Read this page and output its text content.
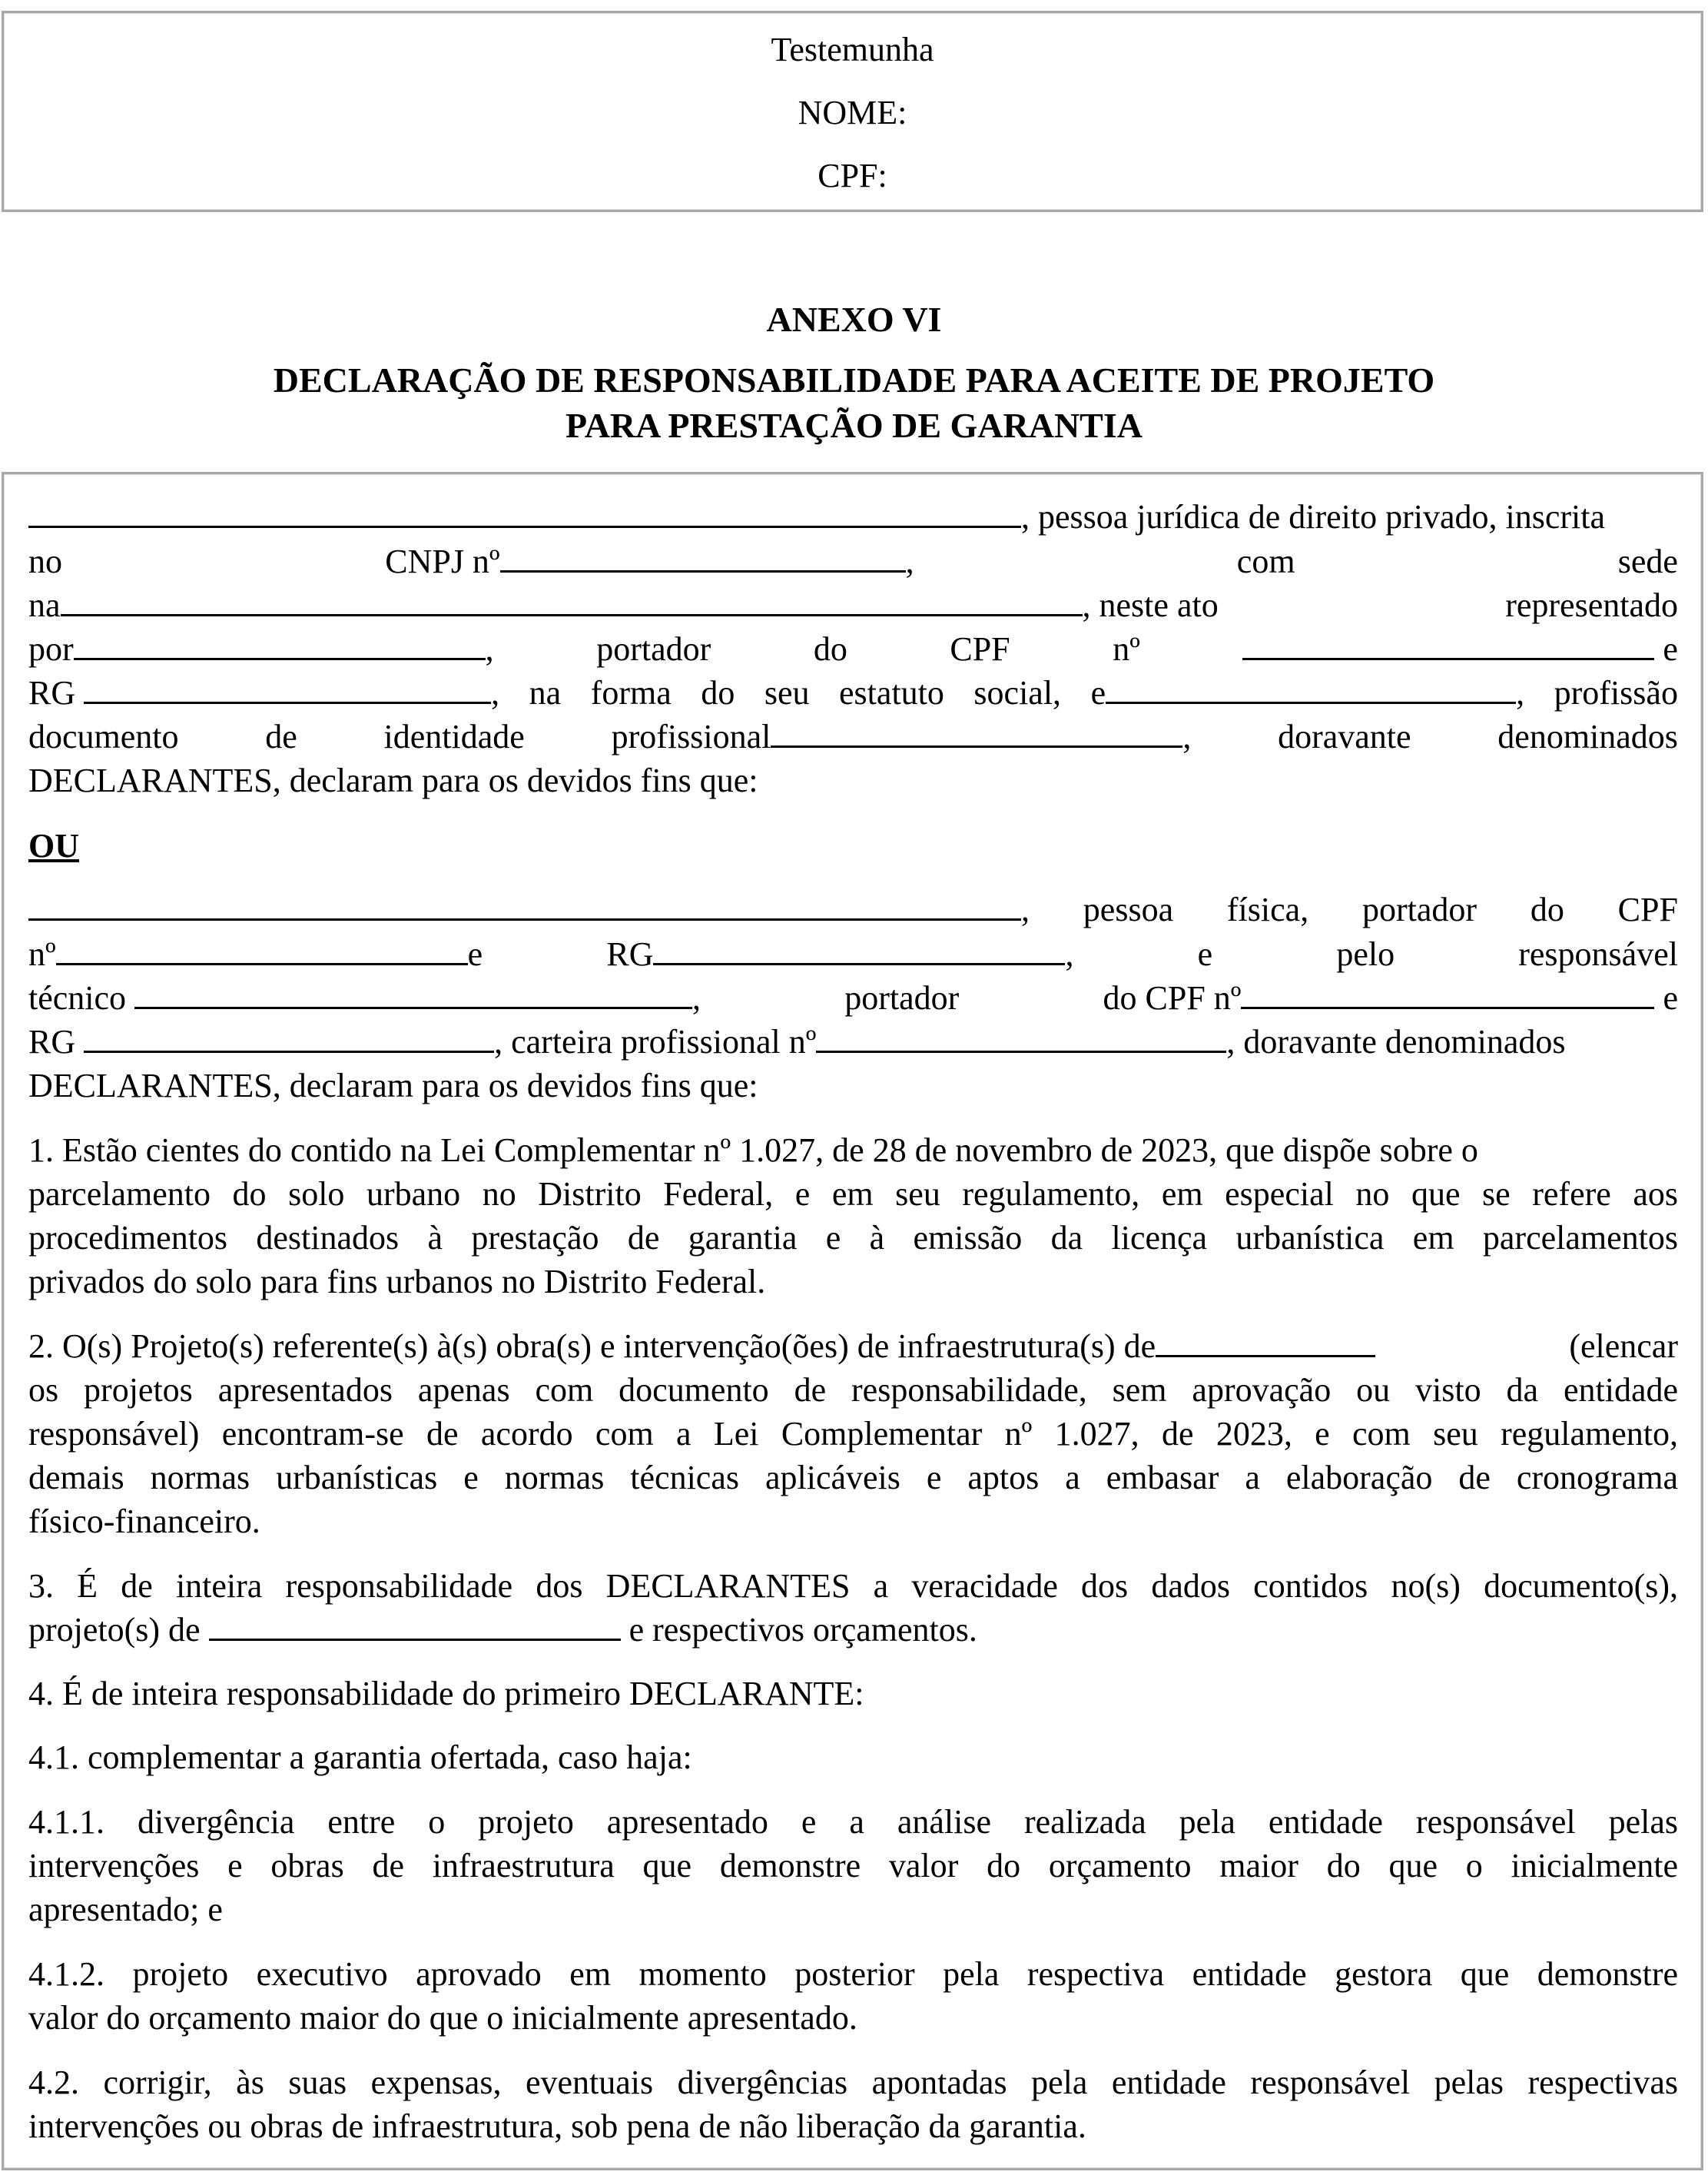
Testemunha
NOME:
CPF:
ANEXO VI
DECLARAÇÃO DE RESPONSABILIDADE PARA ACEITE DE PROJETO
PARA PRESTAÇÃO DE GARANTIA
, pessoa jurídica de direito privado, inscrita
no	CNPJ nº	,	com	sede
na	, neste ato	representado
por	,	portador	do	CPF	nº	e
RG	, na forma do seu estatuto social, e	, profissão
documento	de	identidade	profissional	,	doravante	denominados
DECLARANTES, declaram para os devidos fins que:
OU
, pessoa física, portador do CPF
nº	e	RG	,	e	pelo	responsável
técnico	,	portador	do CPF nº	e
RG	, carteira profissional nº	, doravante denominados
DECLARANTES, declaram para os devidos fins que:
1. Estão cientes do contido na Lei Complementar nº 1.027, de 28 de novembro de 2023, que dispõe sobre o
parcelamento do solo urbano no Distrito Federal, e em seu regulamento, em especial no que se refere aos
procedimentos destinados à prestação de garantia e à emissão da licença urbanística em parcelamentos
privados do solo para fins urbanos no Distrito Federal.
2. O(s) Projeto(s) referente(s) à(s) obra(s) e intervenção(ões) de infraestrutura(s) de	(elencar
os projetos apresentados apenas com documento de responsabilidade, sem aprovação ou visto da entidade
responsável) encontram-se de acordo com a Lei Complementar nº 1.027, de 2023, e com seu regulamento,
demais normas urbanísticas e normas técnicas aplicáveis e aptos a embasar a elaboração de cronograma
físico-financeiro.
3. É de inteira responsabilidade dos DECLARANTES a veracidade dos dados contidos no(s) documento(s),
projeto(s) de	e respectivos orçamentos.
4. É de inteira responsabilidade do primeiro DECLARANTE:
4.1. complementar a garantia ofertada, caso haja:
4.1.1. divergência entre o projeto apresentado e a análise realizada pela entidade responsável pelas
intervenções e obras de infraestrutura que demonstre valor do orçamento maior do que o inicialmente
apresentado; e
4.1.2. projeto executivo aprovado em momento posterior pela respectiva entidade gestora que demonstre
valor do orçamento maior do que o inicialmente apresentado.
4.2. corrigir, às suas expensas, eventuais divergências apontadas pela entidade responsável pelas respectivas
intervenções ou obras de infraestrutura, sob pena de não liberação da garantia.
